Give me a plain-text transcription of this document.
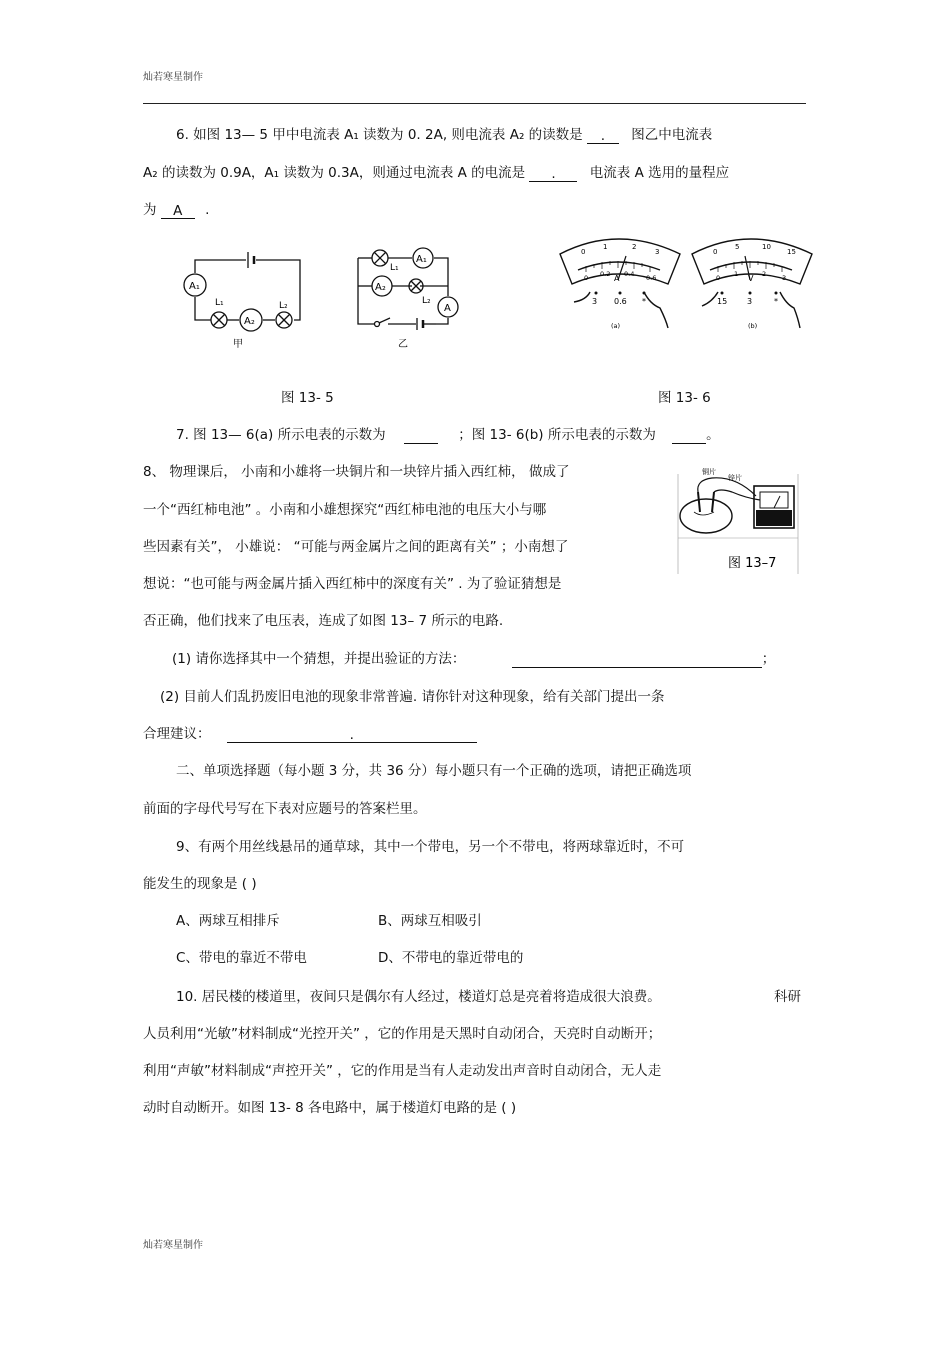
灿若寒星制作
6. 如图 13— 5 甲中电流表 A₁ 读数为 0. 2A, 则电流表 A₂ 的读数是 . 图乙中电流表
A₂ 的读数为 0.9A，A₁ 读数为 0.3A，则通过电流表 A 的电流是 .	电流表 A 选用的量程应
为 A .
A₁
A₂
L₁	L₂
甲
A₁
A₂
A
L₁
L₂
乙
0
1	2
3
0 0.2 0.4 0.6
A
3 0.6 *
(a)
0
5	10
15
0 1	2 3
V
15 3	*
(b)
图 13- 5	图 13- 6
7. 图 13— 6(a) 所示电表的示数为	；图 13- 6(b) 所示电表的示数为	。
8、 物理课后， 小南和小雄将一块铜片和一块锌片插入西红柿， 做成了
一个“西红柿电池” 。小南和小雄想探究“西红柿电池的电压大小与哪
些因素有关”， 小雄说： “可能与两金属片之间的距离有关” ；小南想了
想说：“也可能与两金属片插入西红柿中的深度有关” . 为了验证猜想是
否正确，他们找来了电压表，连成了如图 13– 7 所示的电路.
铜片
锌片
图 13–7
(1) 请你选择其中一个猜想，并提出验证的方法：	；
(2) 目前人们乱扔废旧电池的现象非常普遍. 请你针对这种现象，给有关部门提出一条
合理建议：	.
二、单项选择题（每小题 3 分，共 36 分）每小题只有一个正确的选项，请把正确选项
前面的字母代号写在下表对应题号的答案栏里。
9、有两个用丝线悬吊的通草球，其中一个带电，另一个不带电，将两球靠近时，不可
能发生的现象是 ( )
A、两球互相排斥	B、两球互相吸引
C、带电的靠近不带电	D、不带电的靠近带电的
10. 居民楼的楼道里，夜间只是偶尔有人经过，楼道灯总是亮着将造成很大浪费。	科研
人员利用“光敏”材料制成“光控开关” ，它的作用是天黑时自动闭合，天亮时自动断开；
利用“声敏”材料制成“声控开关” ，它的作用是当有人走动发出声音时自动闭合，无人走
动时自动断开。如图 13- 8 各电路中，属于楼道灯电路的是 ( )
灿若寒星制作
